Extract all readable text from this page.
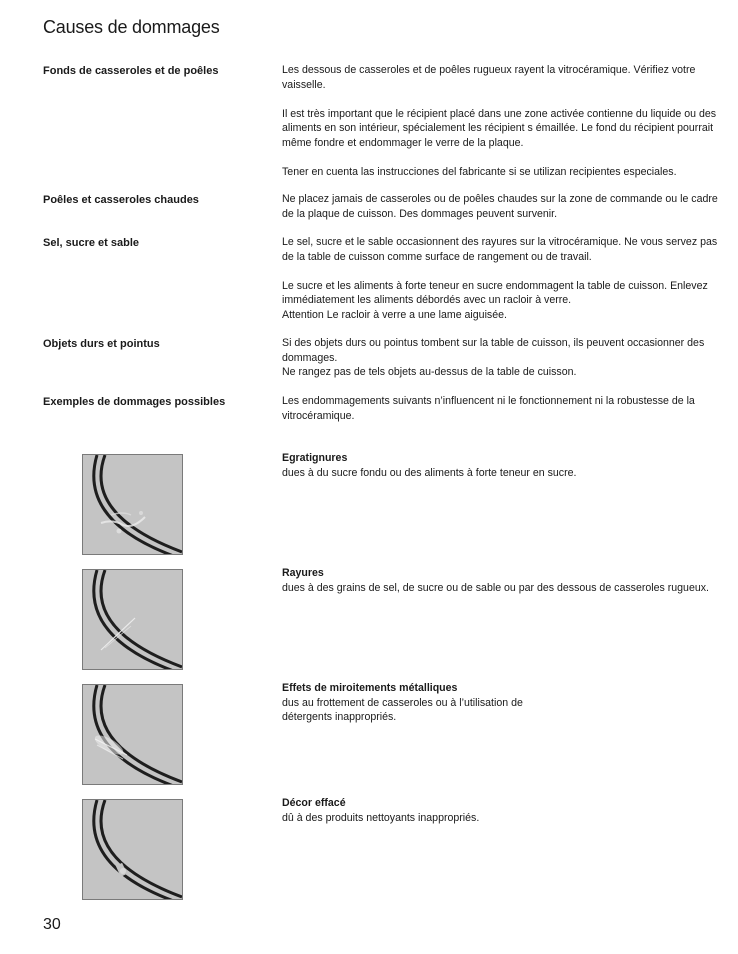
Causes de dommages
Fonds de casseroles et de poêles	Les dessous de casseroles et de poêles rugueux rayent la vitrocéramique. Vérifiez votre vaisselle.

Il est très important que le récipient placé dans une zone activée contienne du liquide ou des aliments en son intérieur, spécialement les récipient s émaillée. Le fond du récipient pourrait même fondre et endommager le verre de la plaque.

Tener en cuenta las instrucciones del fabricante si se utilizan recipientes especiales.

Poêles et casseroles chaudes	Ne placez jamais de casseroles ou de poêles chaudes sur la zone de commande ou le cadre de la plaque de cuisson. Des dommages peuvent survenir.

Sel, sucre et sable	Le sel, sucre et le sable occasionnent des rayures sur la vitrocéramique. Ne vous servez pas de la table de cuisson comme surface de rangement ou de travail.

Le sucre et les aliments à forte teneur en sucre endommagent la table de cuisson. Enlevez immédiatement les aliments débordés avec un racloir à verre.
Attention Le racloir à verre a une lame aiguisée.

Objets durs et pointus	Si des objets durs ou pointus tombent sur la table de cuisson, ils peuvent occasionner des dommages.
Ne rangez pas de tels objets au-dessus de la table de cuisson.

Exemples de dommages possibles	Les endommagements suivants n’influencent ni le fonctionnement ni la robustesse de la vitrocéramique.

Egratignures
dues à du sucre fondu ou des aliments à forte teneur en sucre.
Rayures
dues à des grains de sel, de sucre ou de sable ou par des dessous de casseroles rugueux.
Effets de miroitements métalliques
dus au frottement de casseroles ou à l’utilisation de
détergents inappropriés.
Décor effacé
dû à des produits nettoyants inappropriés.
30
